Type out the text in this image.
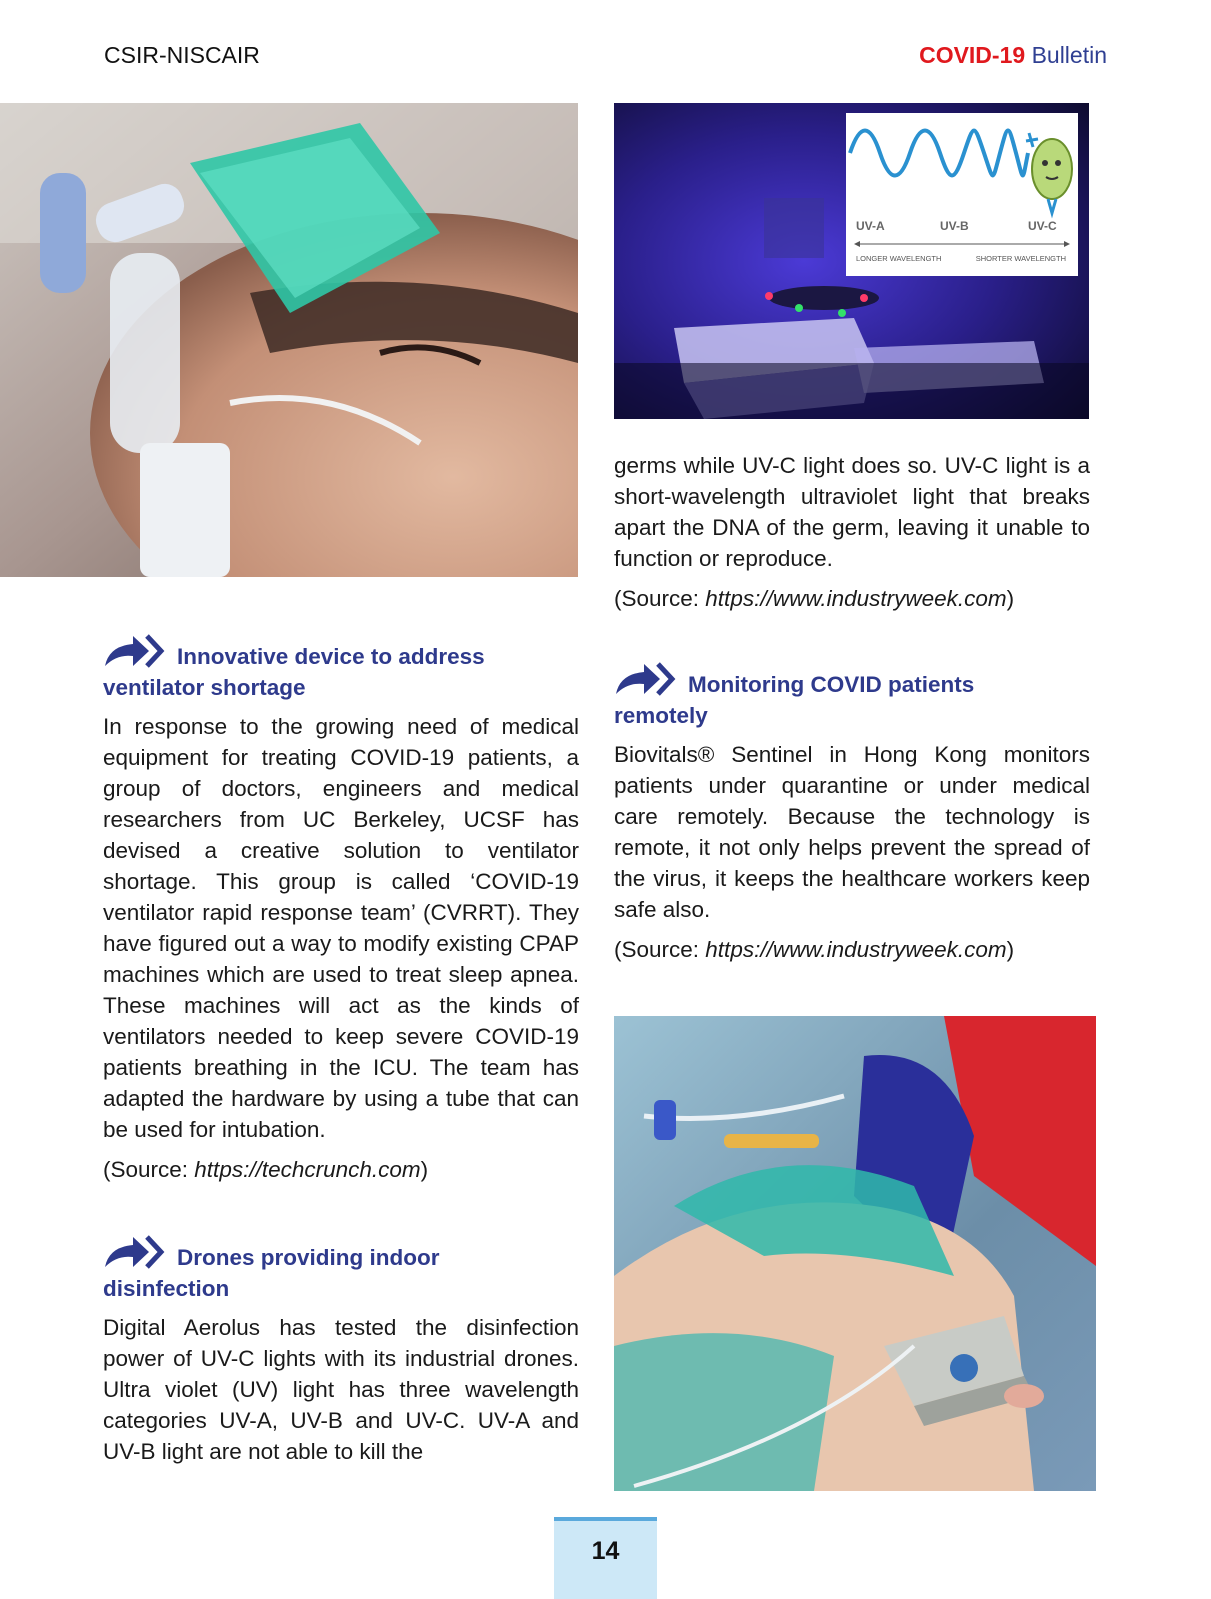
CSIR-NISCAIR	COVID-19 Bulletin
UV-A	UV-B	UV-C
LONGER WAVELENGTH	SHORTER WAVELENGTH
Innovative device to address
ventilator shortage

In response to the growing need of medical equipment for treating COVID-19 patients, a group of doctors, engineers and medical researchers from UC Berkeley, UCSF has devised a creative solution to ventilator shortage. This group is called ‘COVID-19 ventilator rapid response team’ (CVRRT). They have figured out a way to modify existing CPAP machines which are used to treat sleep apnea. These machines will act as the kinds of ventilators needed to keep severe COVID-19 patients breathing in the ICU. The team has adapted the hardware by using a tube that can be used for intubation.

(Source: https://techcrunch.com)

Drones providing indoor
disinfection

Digital Aerolus has tested the disinfection power of UV-C lights with its industrial drones. Ultra violet (UV) light has three wavelength categories UV-A, UV-B and UV-C. UV-A and UV-B light are not able to kill the

germs while UV-C light does so. UV-C light is a short-wavelength ultraviolet light that breaks apart the DNA of the germ, leaving it unable to function or reproduce.

(Source: https://www.industryweek.com)

Monitoring COVID patients
remotely

Biovitals® Sentinel in Hong Kong monitors patients under quarantine or under medical care remotely. Because the technology is remote, it not only helps prevent the spread of the virus, it keeps the healthcare workers keep safe also.

(Source: https://www.industryweek.com)

14
